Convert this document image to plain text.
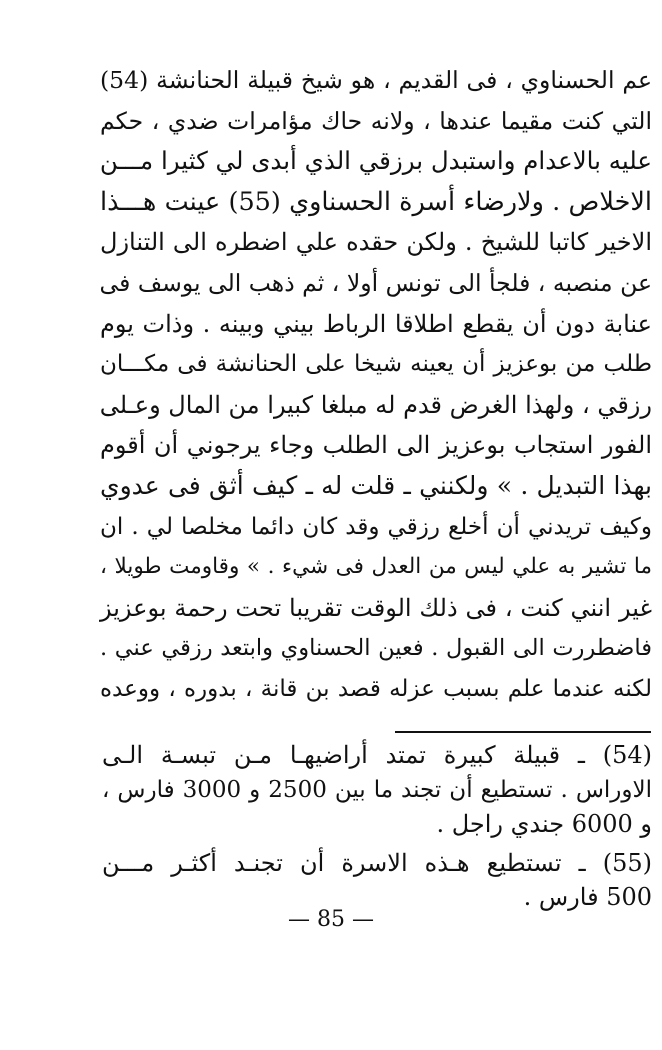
عم الحسناوي ، فى القديم ، هو شيخ قبيلة الحنانشة (54)
التي كنت مقيما عندها ، ولانه حاك مؤامرات ضدي ، حكم
عليه بالاعدام واستبدل برزقي الذي أبدى لي كثيرا مـــن
الاخلاص . ولارضاء أسرة الحسناوي (55) عينت هـــذا
الاخير كاتبا للشيخ . ولكن حقده علي اضطره الى التنازل
عن منصبه ، فلجأ الى تونس أولا ، ثم ذهب الى يوسف فى
عنابة دون أن يقطع اطلاقا الرباط بيني وبينه . وذات يوم
طلب من بوعزيز أن يعينه شيخا على الحنانشة فى مكـــان
رزقي ، ولهذا الغرض قدم له مبلغا كبيرا من المال وعـلى
الفور استجاب بوعزيز الى الطلب وجاء يرجوني أن أقوم
بهذا التبديل . » ولكنني ـ قلت له ـ كيف أثق فى عدوي
وكيف تريدني أن أخلع رزقي وقد كان دائما مخلصا لي . ان
ما تشير به علي ليس من العدل فى شيء . » وقاومت طويلا ،
غير انني كنت ، فى ذلك الوقت تقريبا تحت رحمة بوعزيز
فاضطررت الى القبول . فعين الحسناوي وابتعد رزقي عني .
لكنه عندما علم بسبب عزله قصد بن قانة ، بدوره ، ووعده
(54) ـ قبيلة كبيرة تمتد أراضيهـا مـن تبسـة الـى
الاوراس . تستطيع أن تجند ما بين 2500 و 3000 فارس ،
و 6000 جندي راجل .
(55) ـ تستطيع هـذه الاسرة أن تجنـد أكثـر مـــن
500 فارس .
— 85 —
